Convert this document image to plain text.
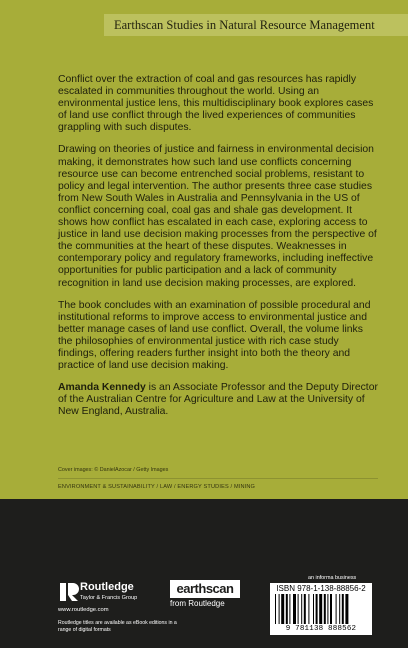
Earthscan Studies in Natural Resource Management

Conflict over the extraction of coal and gas resources has rapidly escalated in communities throughout the world. Using an environmental justice lens, this multidisciplinary book explores cases of land use conflict through the lived experiences of communities grappling with such disputes.

Drawing on theories of justice and fairness in environmental decision making, it demonstrates how such land use conflicts concerning resource use can become entrenched social problems, resistant to policy and legal intervention. The author presents three case studies from New South Wales in Australia and Pennsylvania in the US of conflict concerning coal, coal gas and shale gas development. It shows how conflict has escalated in each case, exploring access to justice in land use decision making processes from the perspective of the communities at the heart of these disputes. Weaknesses in contemporary policy and regulatory frameworks, including ineffective opportunities for public participation and a lack of community recognition in land use decision making processes, are explored.

The book concludes with an examination of possible procedural and institutional reforms to improve access to environmental justice and better manage cases of land use conflict. Overall, the volume links the philosophies of environmental justice with rich case study findings, offering readers further insight into both the theory and practice of land use decision making.

Amanda Kennedy is an Associate Professor and the Deputy Director of the Australian Centre for Agriculture and Law at the University of New England, Australia.

Cover images: © DanielAzocar / Getty Images
ENVIRONMENT & SUSTAINABILITY / LAW / ENERGY STUDIES / MINING
Routledge
Taylor & Francis Group
www.routledge.com
Routledge titles are available as eBook editions in a range of digital formats
earthscan
from Routledge
an informa business
ISBN 978-1-138-88856-2
9 781138 888562
